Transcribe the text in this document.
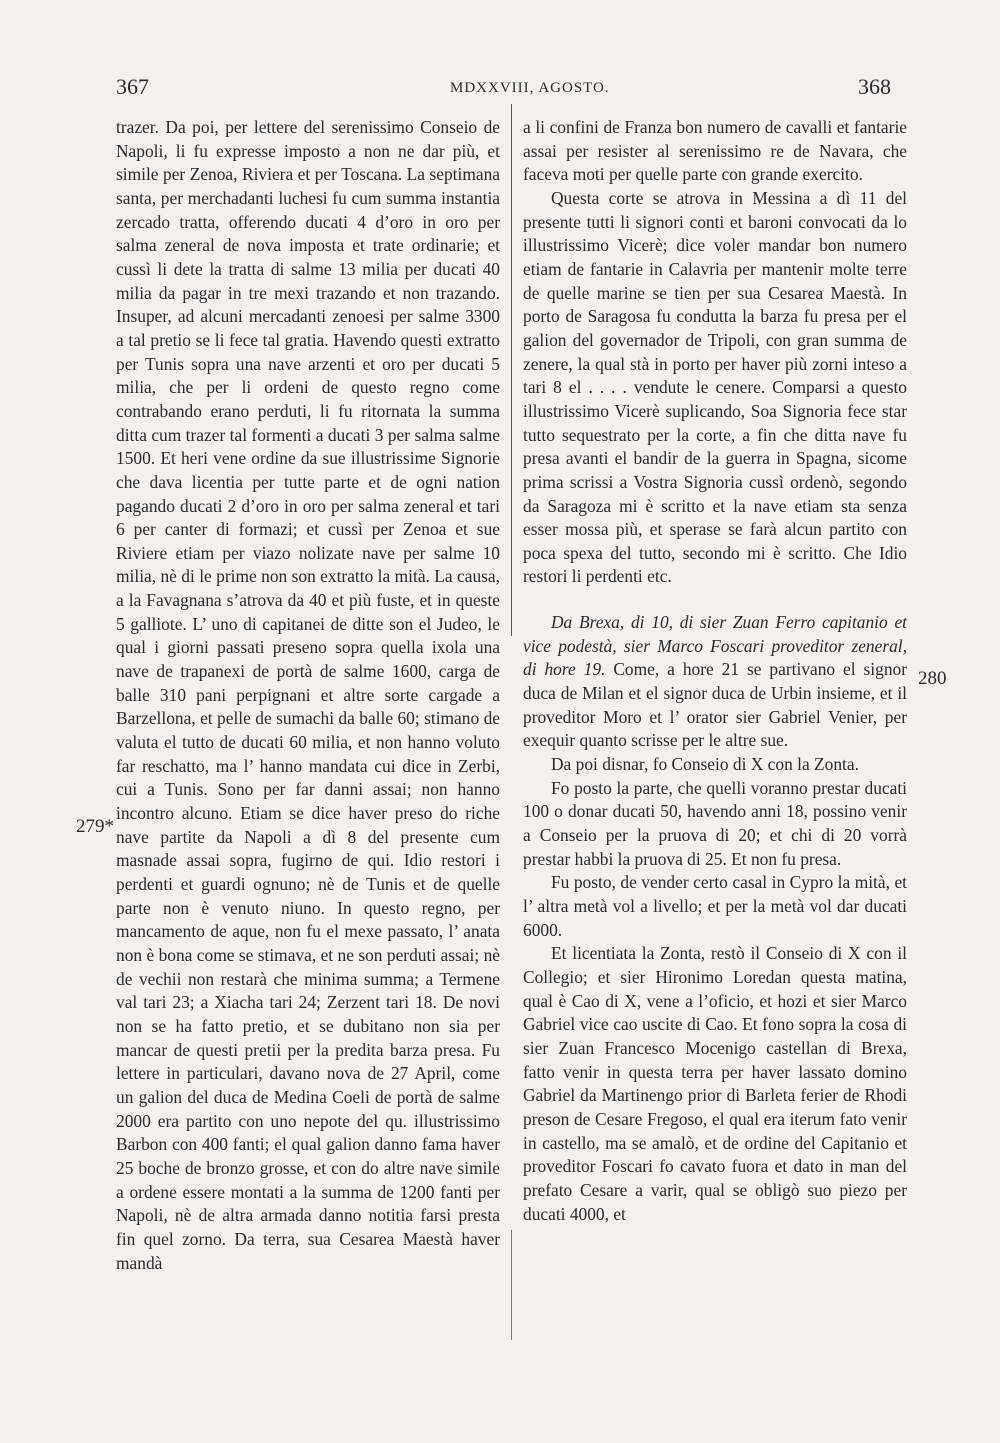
367	MDXXVIII, AGOSTO.	368
279*
280

trazer. Da poi, per lettere del serenissimo Conseio de Napoli, li fu expresse imposto a non ne dar più, et simile per Zenoa, Riviera et per Toscana. La septimana santa, per merchadanti luchesi fu cum summa instantia zercado tratta, offerendo ducati 4 d’oro in oro per salma zeneral de nova imposta et trate ordinarie; et cussì li dete la tratta di salme 13 milia per ducati 40 milia da pagar in tre mexi trazando et non trazando. Insuper, ad alcuni mercadanti zenoesi per salme 3300 a tal pretio se li fece tal gratia. Havendo questi extratto per Tunis sopra una nave arzenti et oro per ducati 5 milia, che per li ordeni de questo regno come contrabando erano perduti, li fu ritornata la summa ditta cum trazer tal formenti a ducati 3 per salma salme 1500. Et heri vene ordine da sue illustrissime Signorie che dava licentia per tutte parte et de ogni nation pagando ducati 2 d’oro in oro per salma zeneral et tari 6 per canter di formazi; et cussì per Zenoa et sue Riviere etiam per viazo nolizate nave per salme 10 milia, nè di le prime non son extratto la mità. La causa, a la Favagnana s’atrova da 40 et più fuste, et in queste 5 galliote. L’ uno di capitanei de ditte son el Judeo, le qual i giorni passati preseno sopra quella ixola una nave de trapanexi de portà de salme 1600, carga de balle 310 pani perpignani et altre sorte cargade a Barzellona, et pelle de sumachi da balle 60; stimano de valuta el tutto de ducati 60 milia, et non hanno voluto far reschatto, ma l’ hanno mandata cui dice in Zerbi, cui a Tunis. Sono per far danni assai; non hanno incontro alcuno. Etiam se dice haver preso do riche nave partite da Napoli a dì 8 del presente cum masnade assai sopra, fugirno de qui. Idio restori i perdenti et guardi ognuno; nè de Tunis et de quelle parte non è venuto niuno. In questo regno, per mancamento de aque, non fu el mexe passato, l’ anata non è bona come se stimava, et ne son perduti assai; nè de vechii non restarà che minima summa; a Termene val tari 23; a Xiacha tari 24; Zerzent tari 18. De novi non se ha fatto pretio, et se dubitano non sia per mancar de questi pretii per la predita barza presa. Fu lettere in particulari, davano nova de 27 April, come un galion del duca de Medina Coeli de portà de salme 2000 era partito con uno nepote del qu. illustrissimo Barbon con 400 fanti; el qual galion danno fama haver 25 boche de bronzo grosse, et con do altre nave simile a ordene essere montati a la summa de 1200 fanti per Napoli, nè de altra armada danno notitia farsi presta fin quel zorno. Da terra, sua Cesarea Maestà haver mandà

a li confini de Franza bon numero de cavalli et fantarie assai per resister al serenissimo re de Navara, che faceva moti per quelle parte con grande exercito.

Questa corte se atrova in Messina a dì 11 del presente tutti li signori conti et baroni convocati da lo illustrissimo Vicerè; dice voler mandar bon numero etiam de fantarie in Calavria per mantenir molte terre de quelle marine se tien per sua Cesarea Maestà. In porto de Saragosa fu condutta la barza fu presa per el galion del governador de Tripoli, con gran summa de zenere, la qual stà in porto per haver più zorni inteso a tari 8 el . . . . vendute le cenere. Comparsi a questo illustrissimo Vicerè suplicando, Soa Signoria fece star tutto sequestrato per la corte, a fin che ditta nave fu presa avanti el bandir de la guerra in Spagna, sicome prima scrissi a Vostra Signoria cussì ordenò, segondo da Saragoza mi è scritto et la nave etiam sta senza esser mossa più, et sperase se farà alcun partito con poca spexa del tutto, secondo mi è scritto. Che Idio restori li perdenti etc.

Da Brexa, di 10, di sier Zuan Ferro capitanio et vice podestà, sier Marco Foscari proveditor zeneral, di hore 19. Come, a hore 21 se partivano el signor duca de Milan et el signor duca de Urbin insieme, et il proveditor Moro et l’ orator sier Gabriel Venier, per exequir quanto scrisse per le altre sue.

Da poi disnar, fo Conseio di X con la Zonta.

Fo posto la parte, che quelli voranno prestar ducati 100 o donar ducati 50, havendo anni 18, possino venir a Conseio per la pruova di 20; et chi di 20 vorrà prestar habbi la pruova di 25. Et non fu presa.

Fu posto, de vender certo casal in Cypro la mità, et l’ altra metà vol a livello; et per la metà vol dar ducati 6000.

Et licentiata la Zonta, restò il Conseio di X con il Collegio; et sier Hironimo Loredan questa matina, qual è Cao di X, vene a l’oficio, et hozi et sier Marco Gabriel vice cao uscite di Cao. Et fono sopra la cosa di sier Zuan Francesco Mocenigo castellan di Brexa, fatto venir in questa terra per haver lassato domino Gabriel da Martinengo prior di Barleta ferier de Rhodi preson de Cesare Fregoso, el qual era iterum fato venir in castello, ma se amalò, et de ordine del Capitanio et proveditor Foscari fo cavato fuora et dato in man del prefato Cesare a varir, qual se obligò suo piezo per ducati 4000, et
